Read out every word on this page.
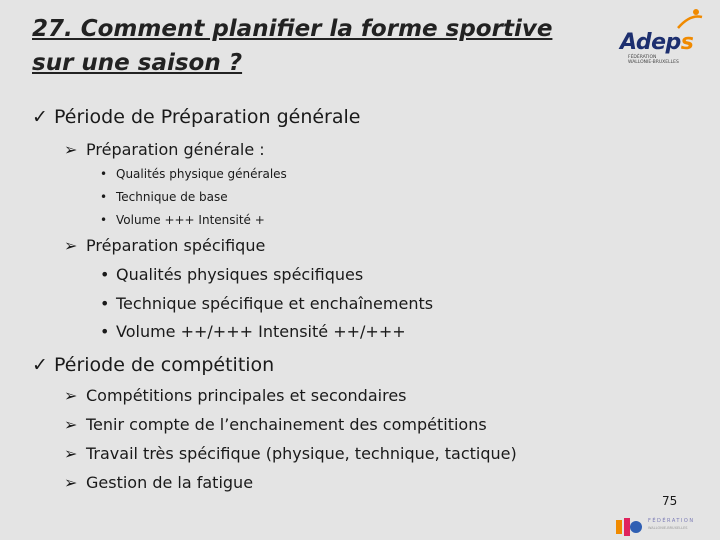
27. Comment planifier la forme sportive
sur une saison ?
Adeps
FÉDÉRATION
WALLONIE-BRUXELLES
✓ Période de Préparation générale
➢ Préparation générale :
• Qualités physique générales
• Technique de base
• Volume +++ Intensité +
➢ Préparation spécifique
• Qualités physiques spécifiques
• Technique spécifique et enchaînements
• Volume ++/+++ Intensité ++/+++
✓ Période de compétition
➢ Compétitions principales et secondaires
➢ Tenir compte de l’enchainement des compétitions
➢ Travail très spécifique (physique, technique, tactique)
➢ Gestion de la fatigue
75
FÉDÉRATION
WALLONIE-BRUXELLES
